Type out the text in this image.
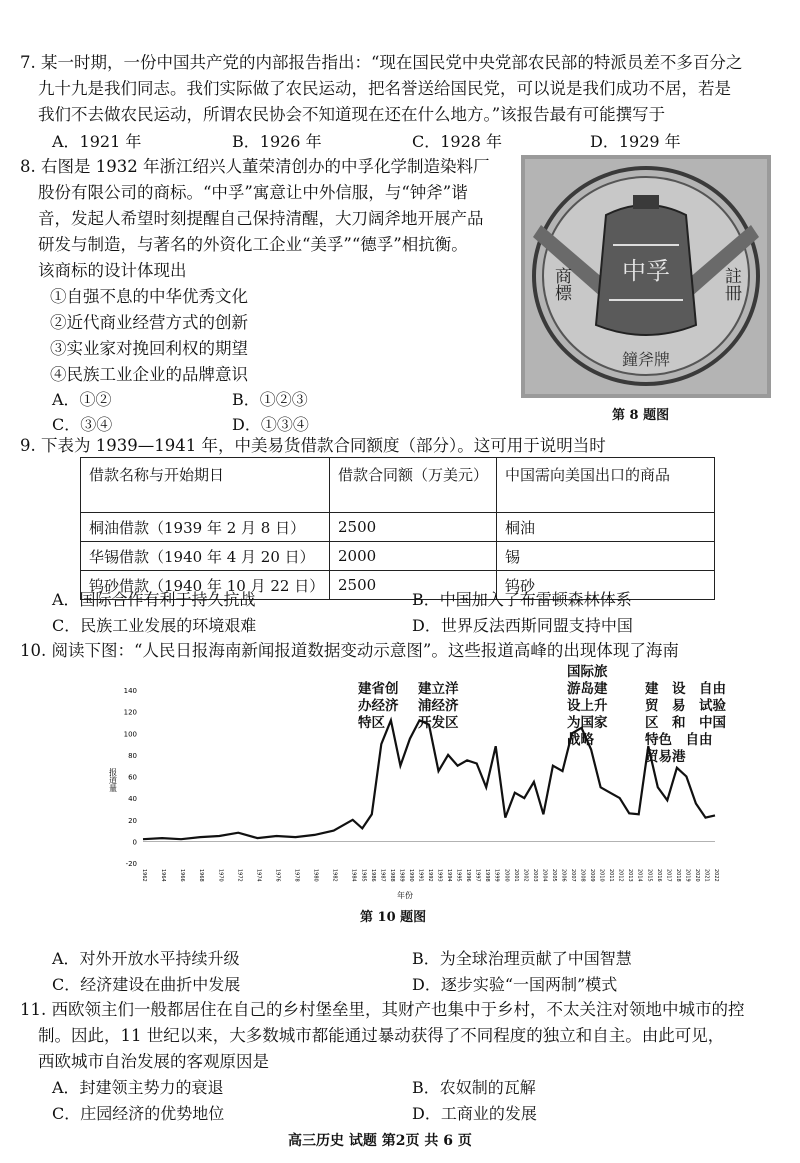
7. 某一时期，一份中国共产党的内部报告指出：“现在国民党中央党部农民部的特派员差不多百分之
九十九是我们同志。我们实际做了农民运动，把名誉送给国民党，可以说是我们成功不居，若是
我们不去做农民运动，所谓农民协会不知道现在还在什么地方。”该报告最有可能撰写于
A．1921 年	B．1926 年	C．1928 年	D．1929 年
8. 右图是 1932 年浙江绍兴人董荣清创办的中孚化学制造染料厂
股份有限公司的商标。“中孚”寓意让中外信服，与“钟斧”谐
音，发起人希望时刻提醒自己保持清醒，大刀阔斧地开展产品
研发与制造，与著名的外资化工企业“美孚”“德孚”相抗衡。
该商标的设计体现出
①自强不息的中华优秀文化
②近代商业经营方式的创新
③实业家对挽回利权的期望
④民族工业企业的品牌意识
A．①②	B．①②③
C．③④	D．①③④
中孚
商標	註冊
鐘斧牌
第 8 题图
9. 下表为 1939—1941 年，中美易货借款合同额度（部分）。这可用于说明当时
借款名称与开始期日	借款合同额（万美元）	中国需向美国出口的商品
桐油借款（1939 年 2 月 8 日）	2500	桐油
华锡借款（1940 年 4 月 20 日）	2000	锡
钨砂借款（1940 年 10 月 22 日）	2500	钨砂
A．国际合作有利于持久抗战	B．中国加入了布雷顿森林体系
C．民族工业发展的环境艰难	D．世界反法西斯同盟支持中国
10. 阅读下图：“人民日报海南新闻报道数据变动示意图”。这些报道高峰的出现体现了海南
-20
0
20
40
60
80
100
120
140
1962	1964	1966	1968	1970	1972	1974	1976	1978	1980	1982	1984 1985 1986 1987 1988 1989 1990 1991 1992 1993 1994 1995 1996 1997 1998 1999 2000 2001 2002 2003 2004 2005 2006 2007 2008 2009 2010 2011 2012 2013 2014 2015 2016 2017 2018 2019 2020 2021 2022
报道量
年份
建省创
办经济
特区
建立洋
浦经济
开发区
国际旅
游岛建
设上升
为国家
战略
建　设　自由
贸　易　试验
区　和　中国
特色　自由
贸易港
第 10 题图
A．对外开放水平持续升级	B．为全球治理贡献了中国智慧
C．经济建设在曲折中发展	D．逐步实验“一国两制”模式
11. 西欧领主们一般都居住在自己的乡村堡垒里，其财产也集中于乡村，不太关注对领地中城市的控
制。因此，11 世纪以来，大多数城市都能通过暴动获得了不同程度的独立和自主。由此可见，
西欧城市自治发展的客观原因是
A．封建领主势力的衰退	B．农奴制的瓦解
C．庄园经济的优势地位	D．工商业的发展
高三历史 试题 第2页 共 6 页
